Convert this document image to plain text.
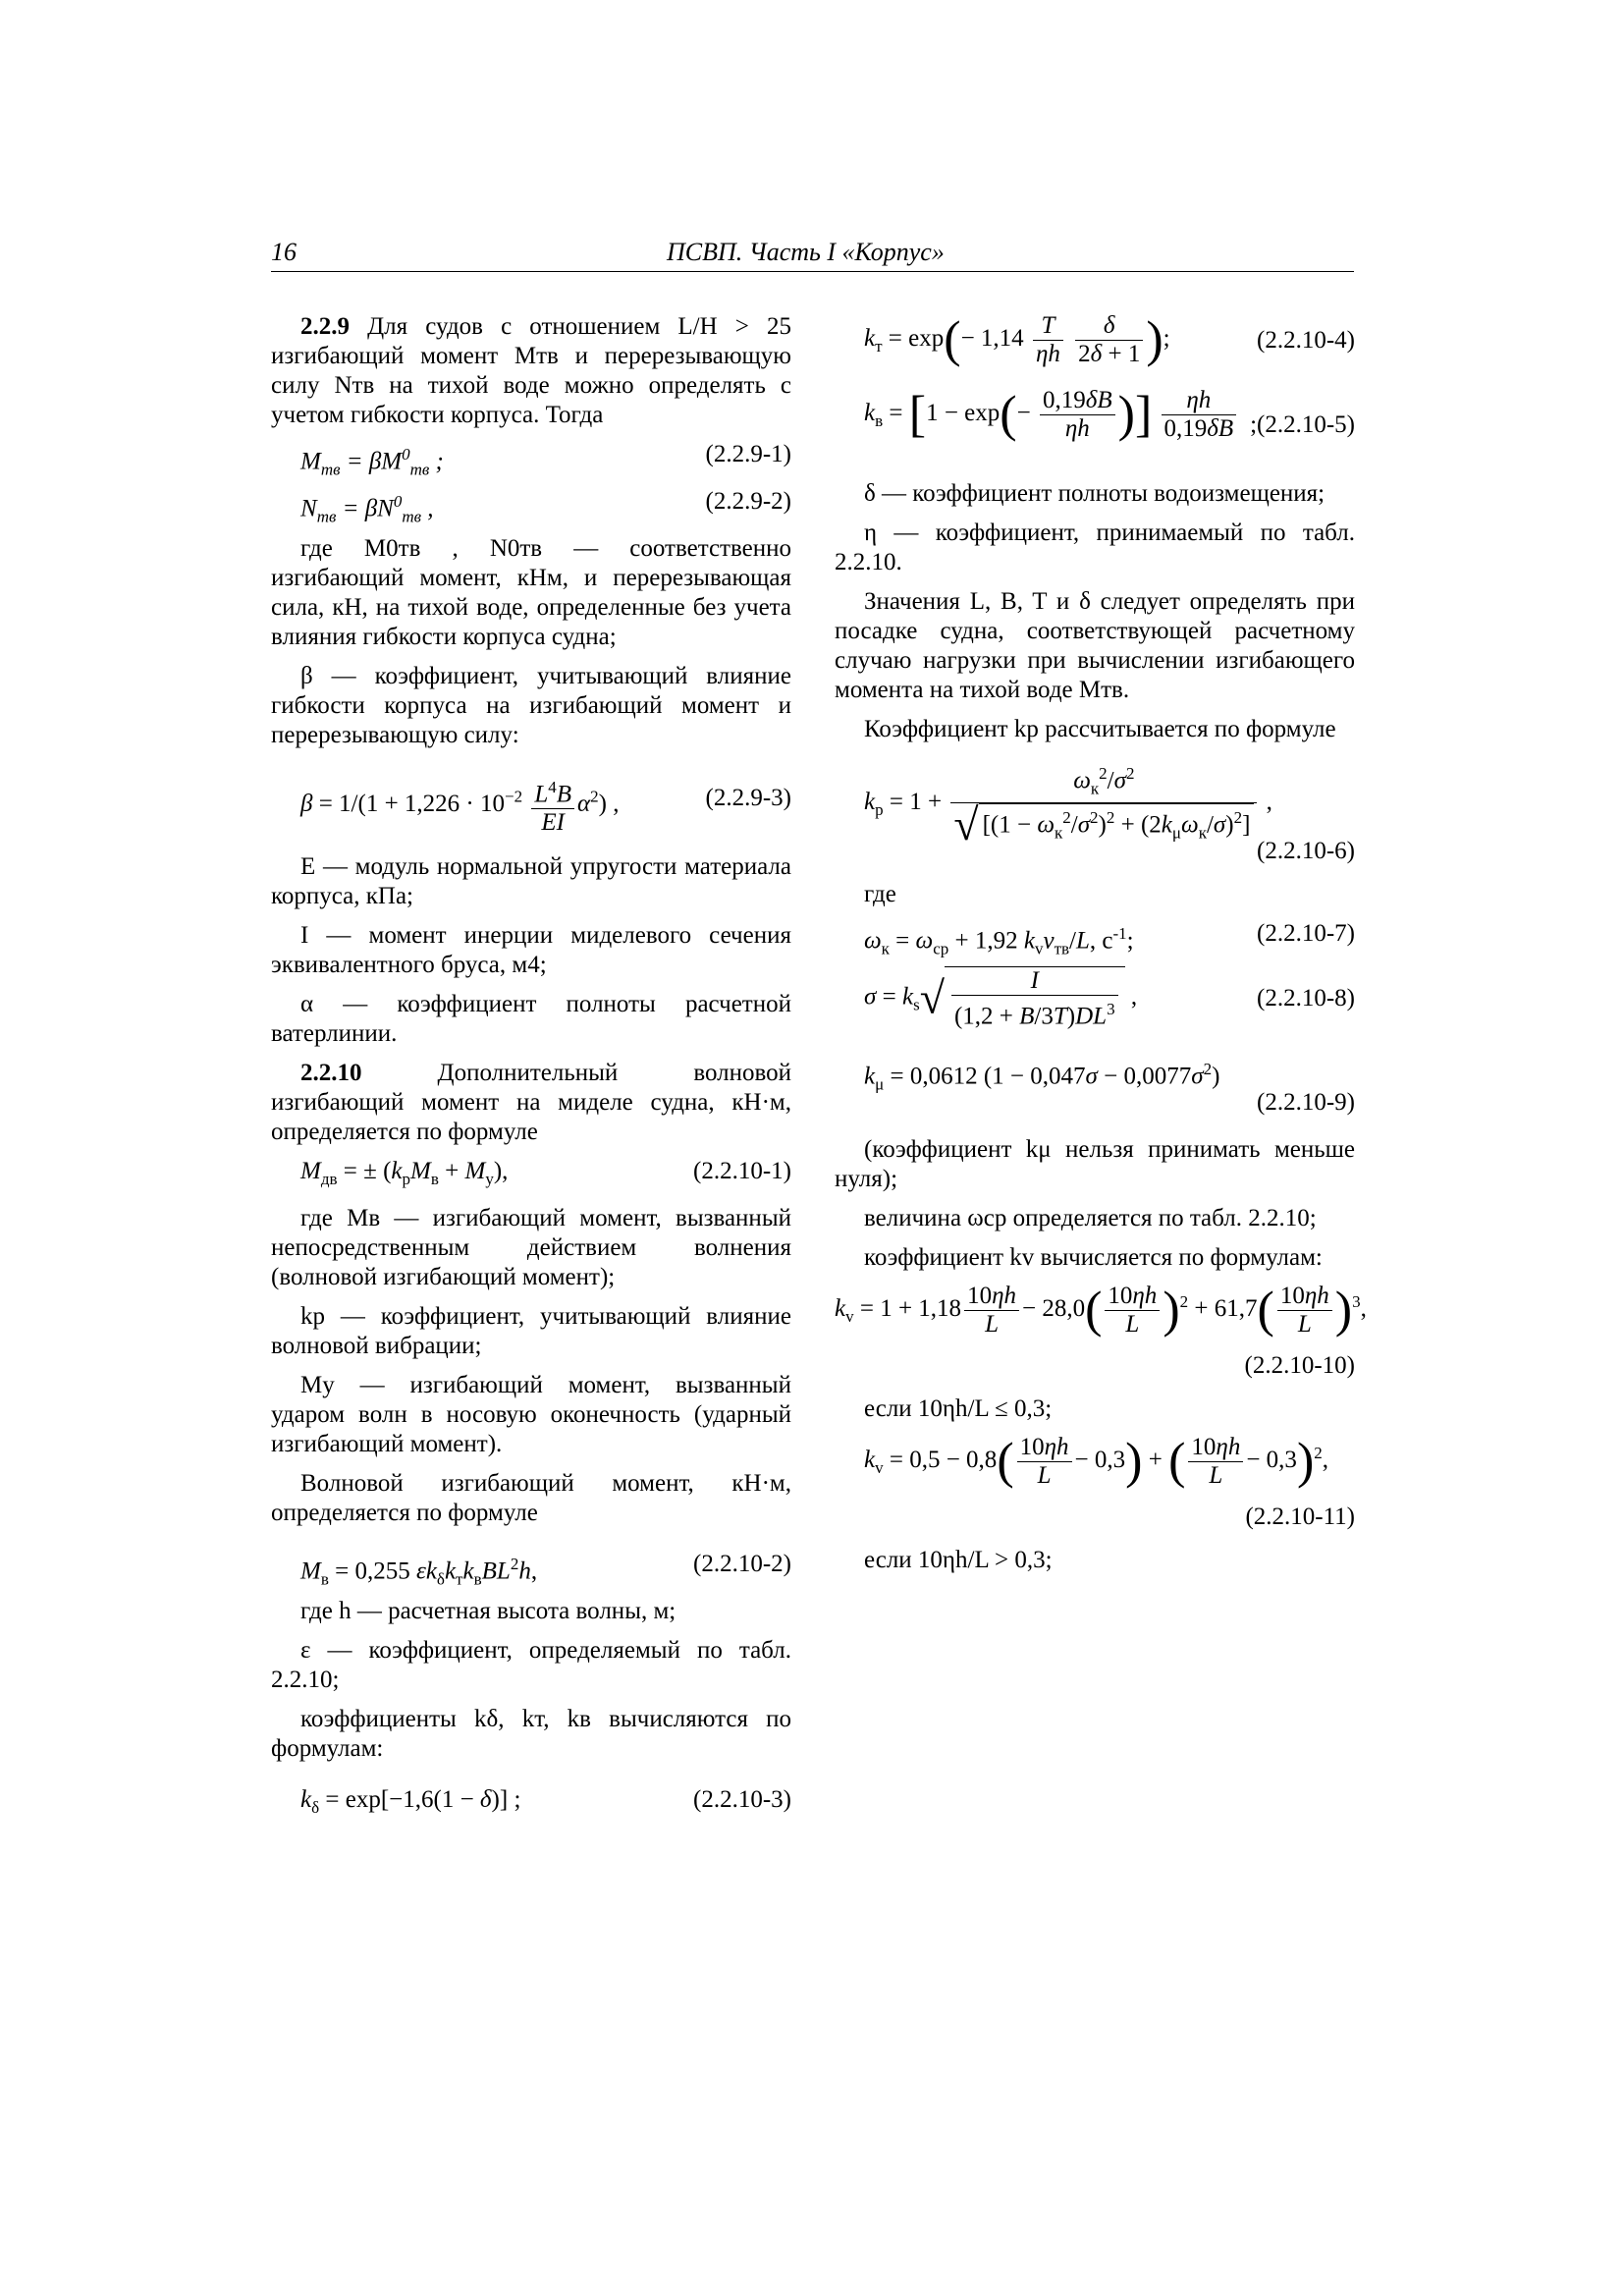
16	ПСВП. Часть I «Корпус»

2.2.9 Для судов с отношением L/H > 25 изгибающий момент Mтв и перерезывающую силу Nтв на тихой воде можно определять с учетом гибкости корпуса. Тогда

$M_{тв} = \beta M^0_{тв}$ ;	(2.2.9-1)
$N_{тв} = \beta N^0_{тв}$ ,	(2.2.9-2)

где M0тв , N0тв — соответственно изгибающий момент, кНм, и перерезывающая сила, кН, на тихой воде, определенные без учета влияния гибкости корпуса судна;

β — коэффициент, учитывающий влияние гибкости корпуса на изгибающий момент и перерезывающую силу:

$\beta = 1/(1 + 1,226 \cdot 10^{-2} \frac{L^4B}{EI} \alpha^2)$ ,	(2.2.9-3)

E — модуль нормальной упругости материала корпуса, кПа;

I — момент инерции миделевого сечения эквивалентного бруса, м4;

α — коэффициент полноты расчетной ватерлинии.

2.2.10 Дополнительный волновой изгибающий момент на миделе судна, кН·м, определяется по формуле

$M_{дв}$ = ± $(k_рM_в + M_у)$,	(2.2.10-1)

где Mв — изгибающий момент, вызванный непосредственным действием волнения (волновой изгибающий момент);

kр — коэффициент, учитывающий влияние волновой вибрации;

Mу — изгибающий момент, вызванный ударом волн в носовую оконечность (ударный изгибающий момент).

Волновой изгибающий момент, кН·м, определяется по формуле

$M_в = 0,255$ $\varepsilon k_\delta k_тk_вBL^2h$,	(2.2.10-2)

где h — расчетная высота волны, м;

ε — коэффициент, определяемый по табл. 2.2.10;

коэффициенты kδ, kт, kв вычисляются по формулам:

$k_\delta = \exp[-1,6(1 - \delta)]$ ;	(2.2.10-3)
$k_т = \exp(- 1,14 \frac{T}{\eta h}$
$\frac{\delta}{2\delta + 1}$ );	(2.2.10-4)
$k_в = [1 - \exp(- \frac{0,19\delta B}{\eta h}$ )] $\frac{\eta h}{0,19\delta B}$ ;(2.2.10-5)

δ — коэффициент полноты водоизмещения;

η — коэффициент, принимаемый по табл. 2.2.10.

Значения L, B, T и δ следует определять при посадке судна, соответствующей расчетному случаю нагрузки при вычислении изгибающего момента на тихой воде Mтв.

Коэффициент kр рассчитывается по формуле

$k_р = 1 + \frac{\omega_к^2/\sigma^2}{√ [(1 - \omega_к^2/\sigma^2)^2 + (2k_\mu\omega_к/\sigma)^2]}$ ,
(2.2.10-6)

где

$\omega_к = \omega_{ср} + 1,92$ $k_vv_{тв}/L$, $с^{-1}$;	(2.2.10-7)
$\sigma = k_s√ \frac{I}{(1,2 + B/3T)DL^3}$ ,	(2.2.10-8)
$k_\mu = 0,0612$ $(1 - 0,047\sigma - 0,0077\sigma^2)$
(2.2.10-9)

(коэффициент kμ нельзя принимать меньше нуля);

величина ωср определяется по табл. 2.2.10;

коэффициент kv вычисляется по формулам:

$k_v = 1 + 1,18 \frac{10\eta h}{L} - 28,0( \frac{10\eta h}{L} )^2 + 61,7( \frac{10\eta h}{L} )^3$,
(2.2.10-10)

если 10ηh/L ≤ 0,3;

$k_v = 0,5 - 0,8( \frac{10\eta h}{L} - 0,3)$ + ( $\frac{10\eta h}{L} - 0,3)^2$,
(2.2.10-11)

если 10ηh/L > 0,3;
